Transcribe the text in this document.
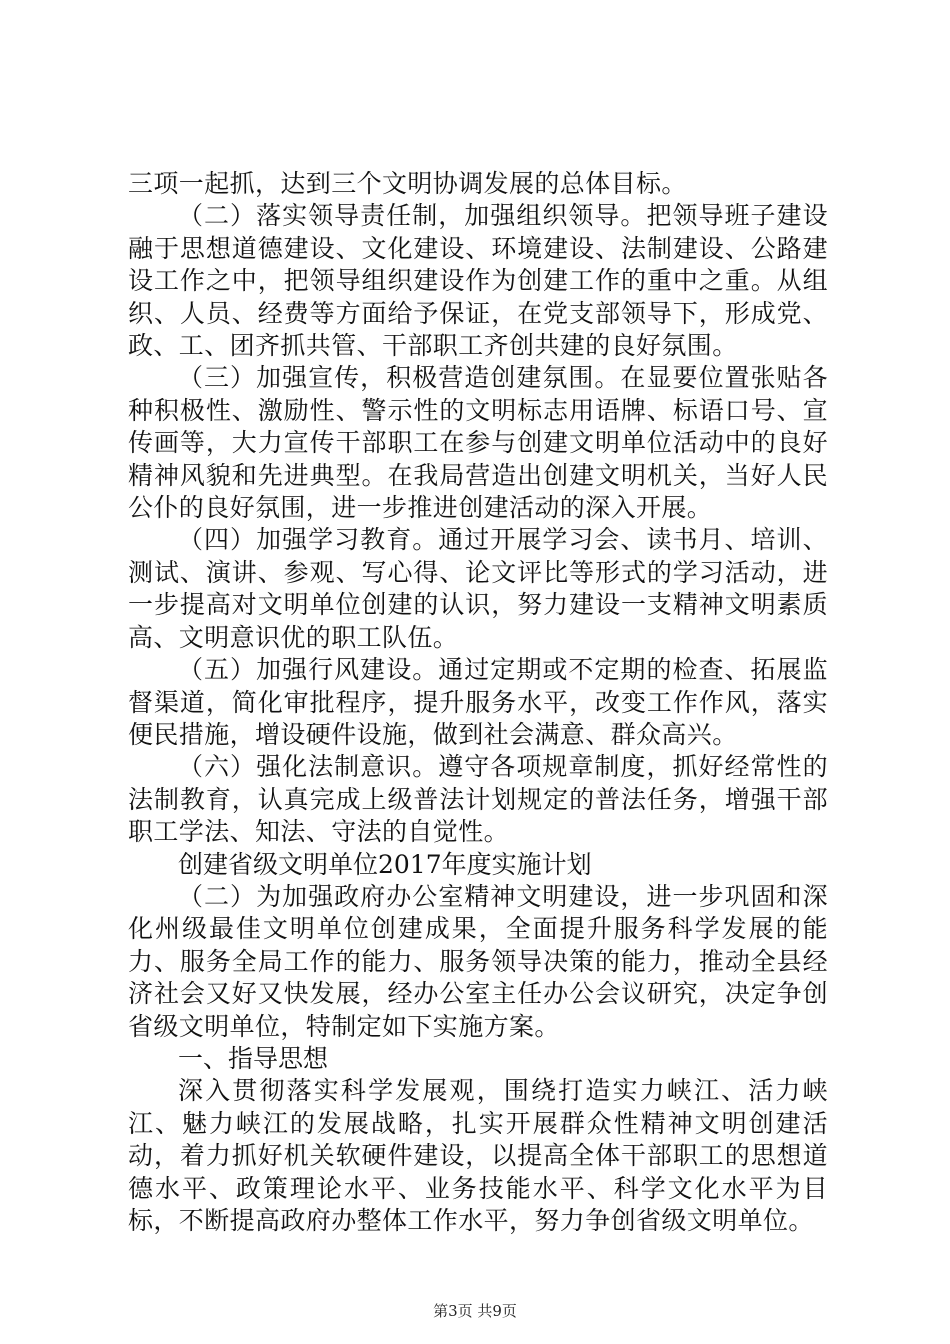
三项一起抓，达到三个文明协调发展的总体目标。

（二）落实领导责任制，加强组织领导。把领导班子建设融于思想道德建设、文化建设、环境建设、法制建设、公路建设工作之中，把领导组织建设作为创建工作的重中之重。从组织、人员、经费等方面给予保证，在党支部领导下，形成党、政、工、团齐抓共管、干部职工齐创共建的良好氛围。

（三）加强宣传，积极营造创建氛围。在显要位置张贴各种积极性、激励性、警示性的文明标志用语牌、标语口号、宣传画等，大力宣传干部职工在参与创建文明单位活动中的良好精神风貌和先进典型。在我局营造出创建文明机关，当好人民公仆的良好氛围，进一步推进创建活动的深入开展。

（四）加强学习教育。通过开展学习会、读书月、培训、测试、演讲、参观、写心得、论文评比等形式的学习活动，进一步提高对文明单位创建的认识，努力建设一支精神文明素质高、文明意识优的职工队伍。

（五）加强行风建设。通过定期或不定期的检查、拓展监督渠道，简化审批程序，提升服务水平，改变工作作风，落实便民措施，增设硬件设施，做到社会满意、群众高兴。

（六）强化法制意识。遵守各项规章制度，抓好经常性的法制教育，认真完成上级普法计划规定的普法任务，增强干部职工学法、知法、守法的自觉性。

创建省级文明单位2017年度实施计划

（二）为加强政府办公室精神文明建设，进一步巩固和深化州级最佳文明单位创建成果，全面提升服务科学发展的能力、服务全局工作的能力、服务领导决策的能力，推动全县经济社会又好又快发展，经办公室主任办公会议研究，决定争创省级文明单位，特制定如下实施方案。

一、指导思想

深入贯彻落实科学发展观，围绕打造实力峡江、活力峡江、魅力峡江的发展战略，扎实开展群众性精神文明创建活动，着力抓好机关软硬件建设，以提高全体干部职工的思想道德水平、政策理论水平、业务技能水平、科学文化水平为目标，不断提高政府办整体工作水平，努力争创省级文明单位。

第3页 共9页
